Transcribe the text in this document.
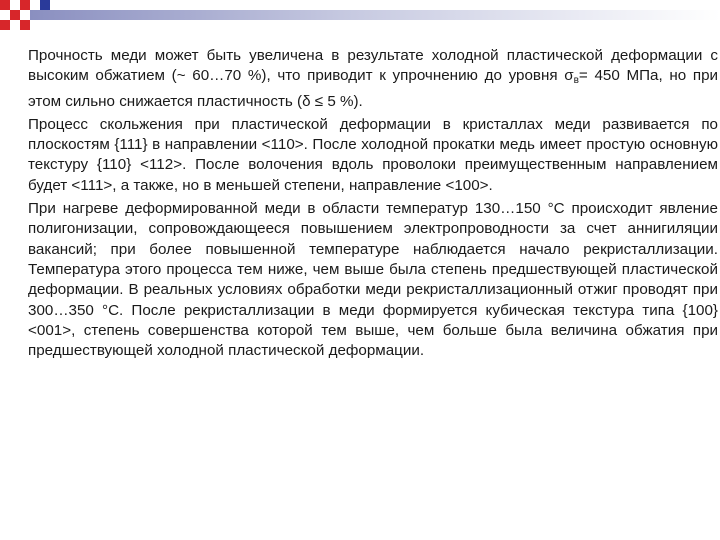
Прочность меди может быть увеличена в результате холодной пластической деформации с высоким обжатием (~ 60…70 %), что приводит к упрочнению до уровня $\sigma_в= 450$ МПа, но при этом сильно снижается пластичность (δ ≤ 5 %).

Процесс скольжения при пластической деформации в кристаллах меди развивается по плоскостям {111} в направлении <110>. После холодной прокатки медь имеет простую основную текстуру {110} <112>. После волочения вдоль проволоки преимущественным направлением будет <111>, а также, но в меньшей степени, направление <100>.

При нагреве деформированной меди в области температур 130…150 °C происходит явление полигонизации, сопровождающееся повышением электропроводности за счет аннигиляции вакансий; при более повышенной температуре наблюдается начало рекристаллизации. Температура этого процесса тем ниже, чем выше была степень предшествующей пластической деформации. В реальных условиях обработки меди рекристаллизационный отжиг проводят при 300…350 °C. После рекристаллизации в меди формируется кубическая текстура типа {100} <001>, степень совершенства которой тем выше, чем больше была величина обжатия при предшествующей холодной пластической деформации.
